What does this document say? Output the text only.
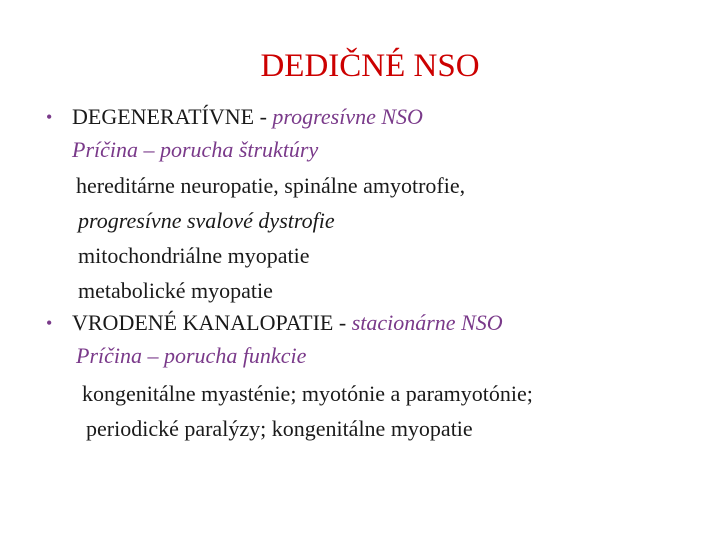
DEDIČNÉ NSO
• DEGENERATÍVNE - progresívne NSO
Príčina – porucha štruktúry
hereditárne neuropatie, spinálne amyotrofie,
progresívne svalové dystrofie
mitochondriálne myopatie
metabolické myopatie
• VRODENÉ KANALOPATIE - stacionárne NSO
Príčina – porucha funkcie
kongenitálne myasténie; myotónie a paramyotónie;
periodické paralýzy; kongenitálne myopatie
